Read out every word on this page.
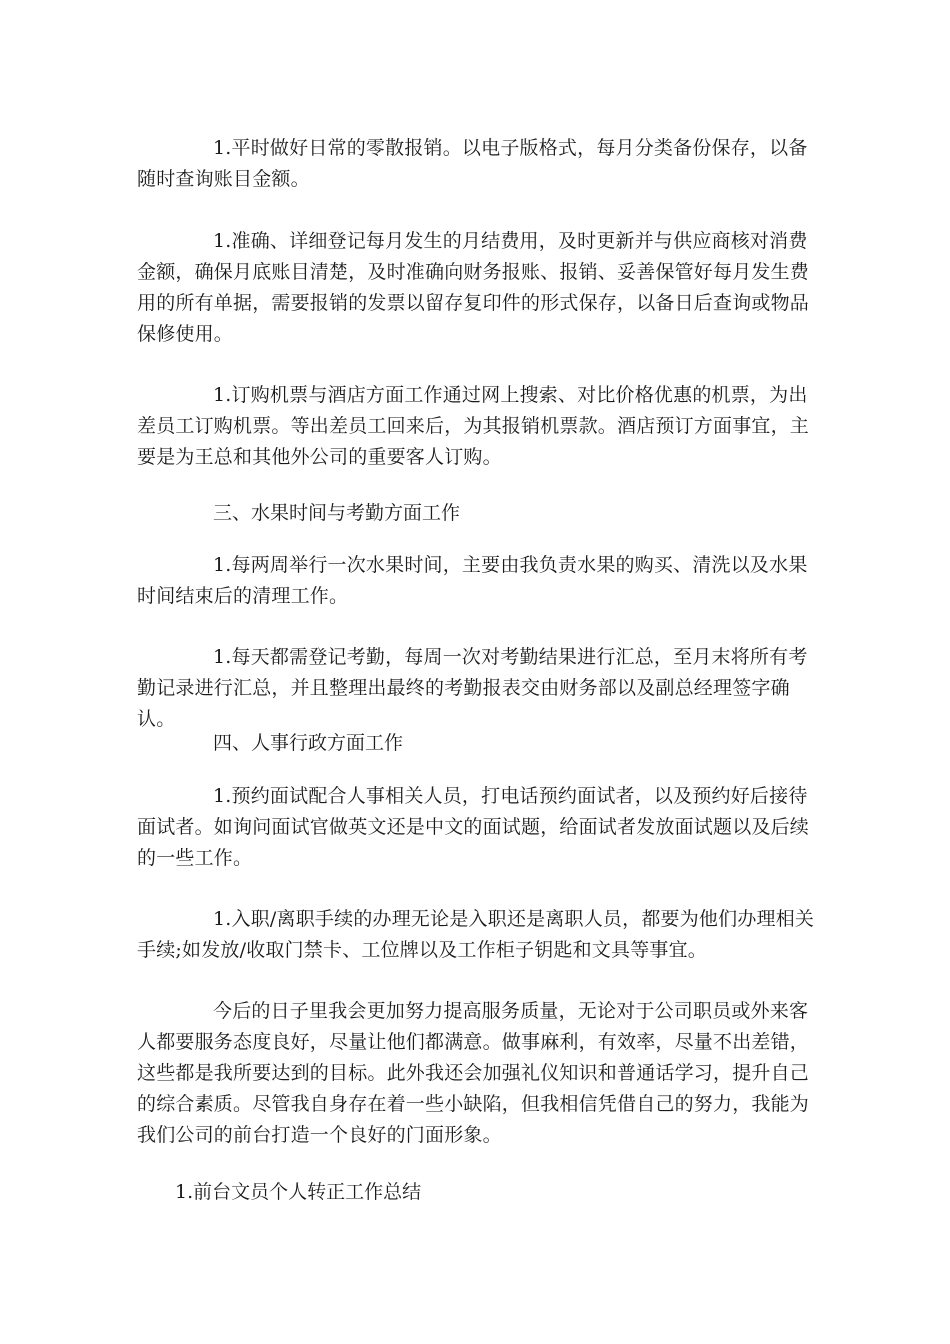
1.平时做好日常的零散报销。以电子版格式，每月分类备份保存，以备随时查询账目金额。

1.准确、详细登记每月发生的月结费用，及时更新并与供应商核对消费金额，确保月底账目清楚，及时准确向财务报账、报销、妥善保管好每月发生费用的所有单据，需要报销的发票以留存复印件的形式保存，以备日后查询或物品保修使用。

1.订购机票与酒店方面工作通过网上搜索、对比价格优惠的机票，为出差员工订购机票。等出差员工回来后，为其报销机票款。酒店预订方面事宜，主要是为王总和其他外公司的重要客人订购。

三、水果时间与考勤方面工作

1.每两周举行一次水果时间，主要由我负责水果的购买、清洗以及水果时间结束后的清理工作。

1.每天都需登记考勤，每周一次对考勤结果进行汇总，至月末将所有考勤记录进行汇总，并且整理出最终的考勤报表交由财务部以及副总经理签字确认。

四、人事行政方面工作

1.预约面试配合人事相关人员，打电话预约面试者，以及预约好后接待面试者。如询问面试官做英文还是中文的面试题，给面试者发放面试题以及后续的一些工作。

1.入职/离职手续的办理无论是入职还是离职人员，都要为他们办理相关手续;如发放/收取门禁卡、工位牌以及工作柜子钥匙和文具等事宜。

今后的日子里我会更加努力提高服务质量，无论对于公司职员或外来客人都要服务态度良好，尽量让他们都满意。做事麻利，有效率，尽量不出差错，这些都是我所要达到的目标。此外我还会加强礼仪知识和普通话学习，提升自己的综合素质。尽管我自身存在着一些小缺陷，但我相信凭借自己的努力，我能为我们公司的前台打造一个良好的门面形象。

1.前台文员个人转正工作总结
